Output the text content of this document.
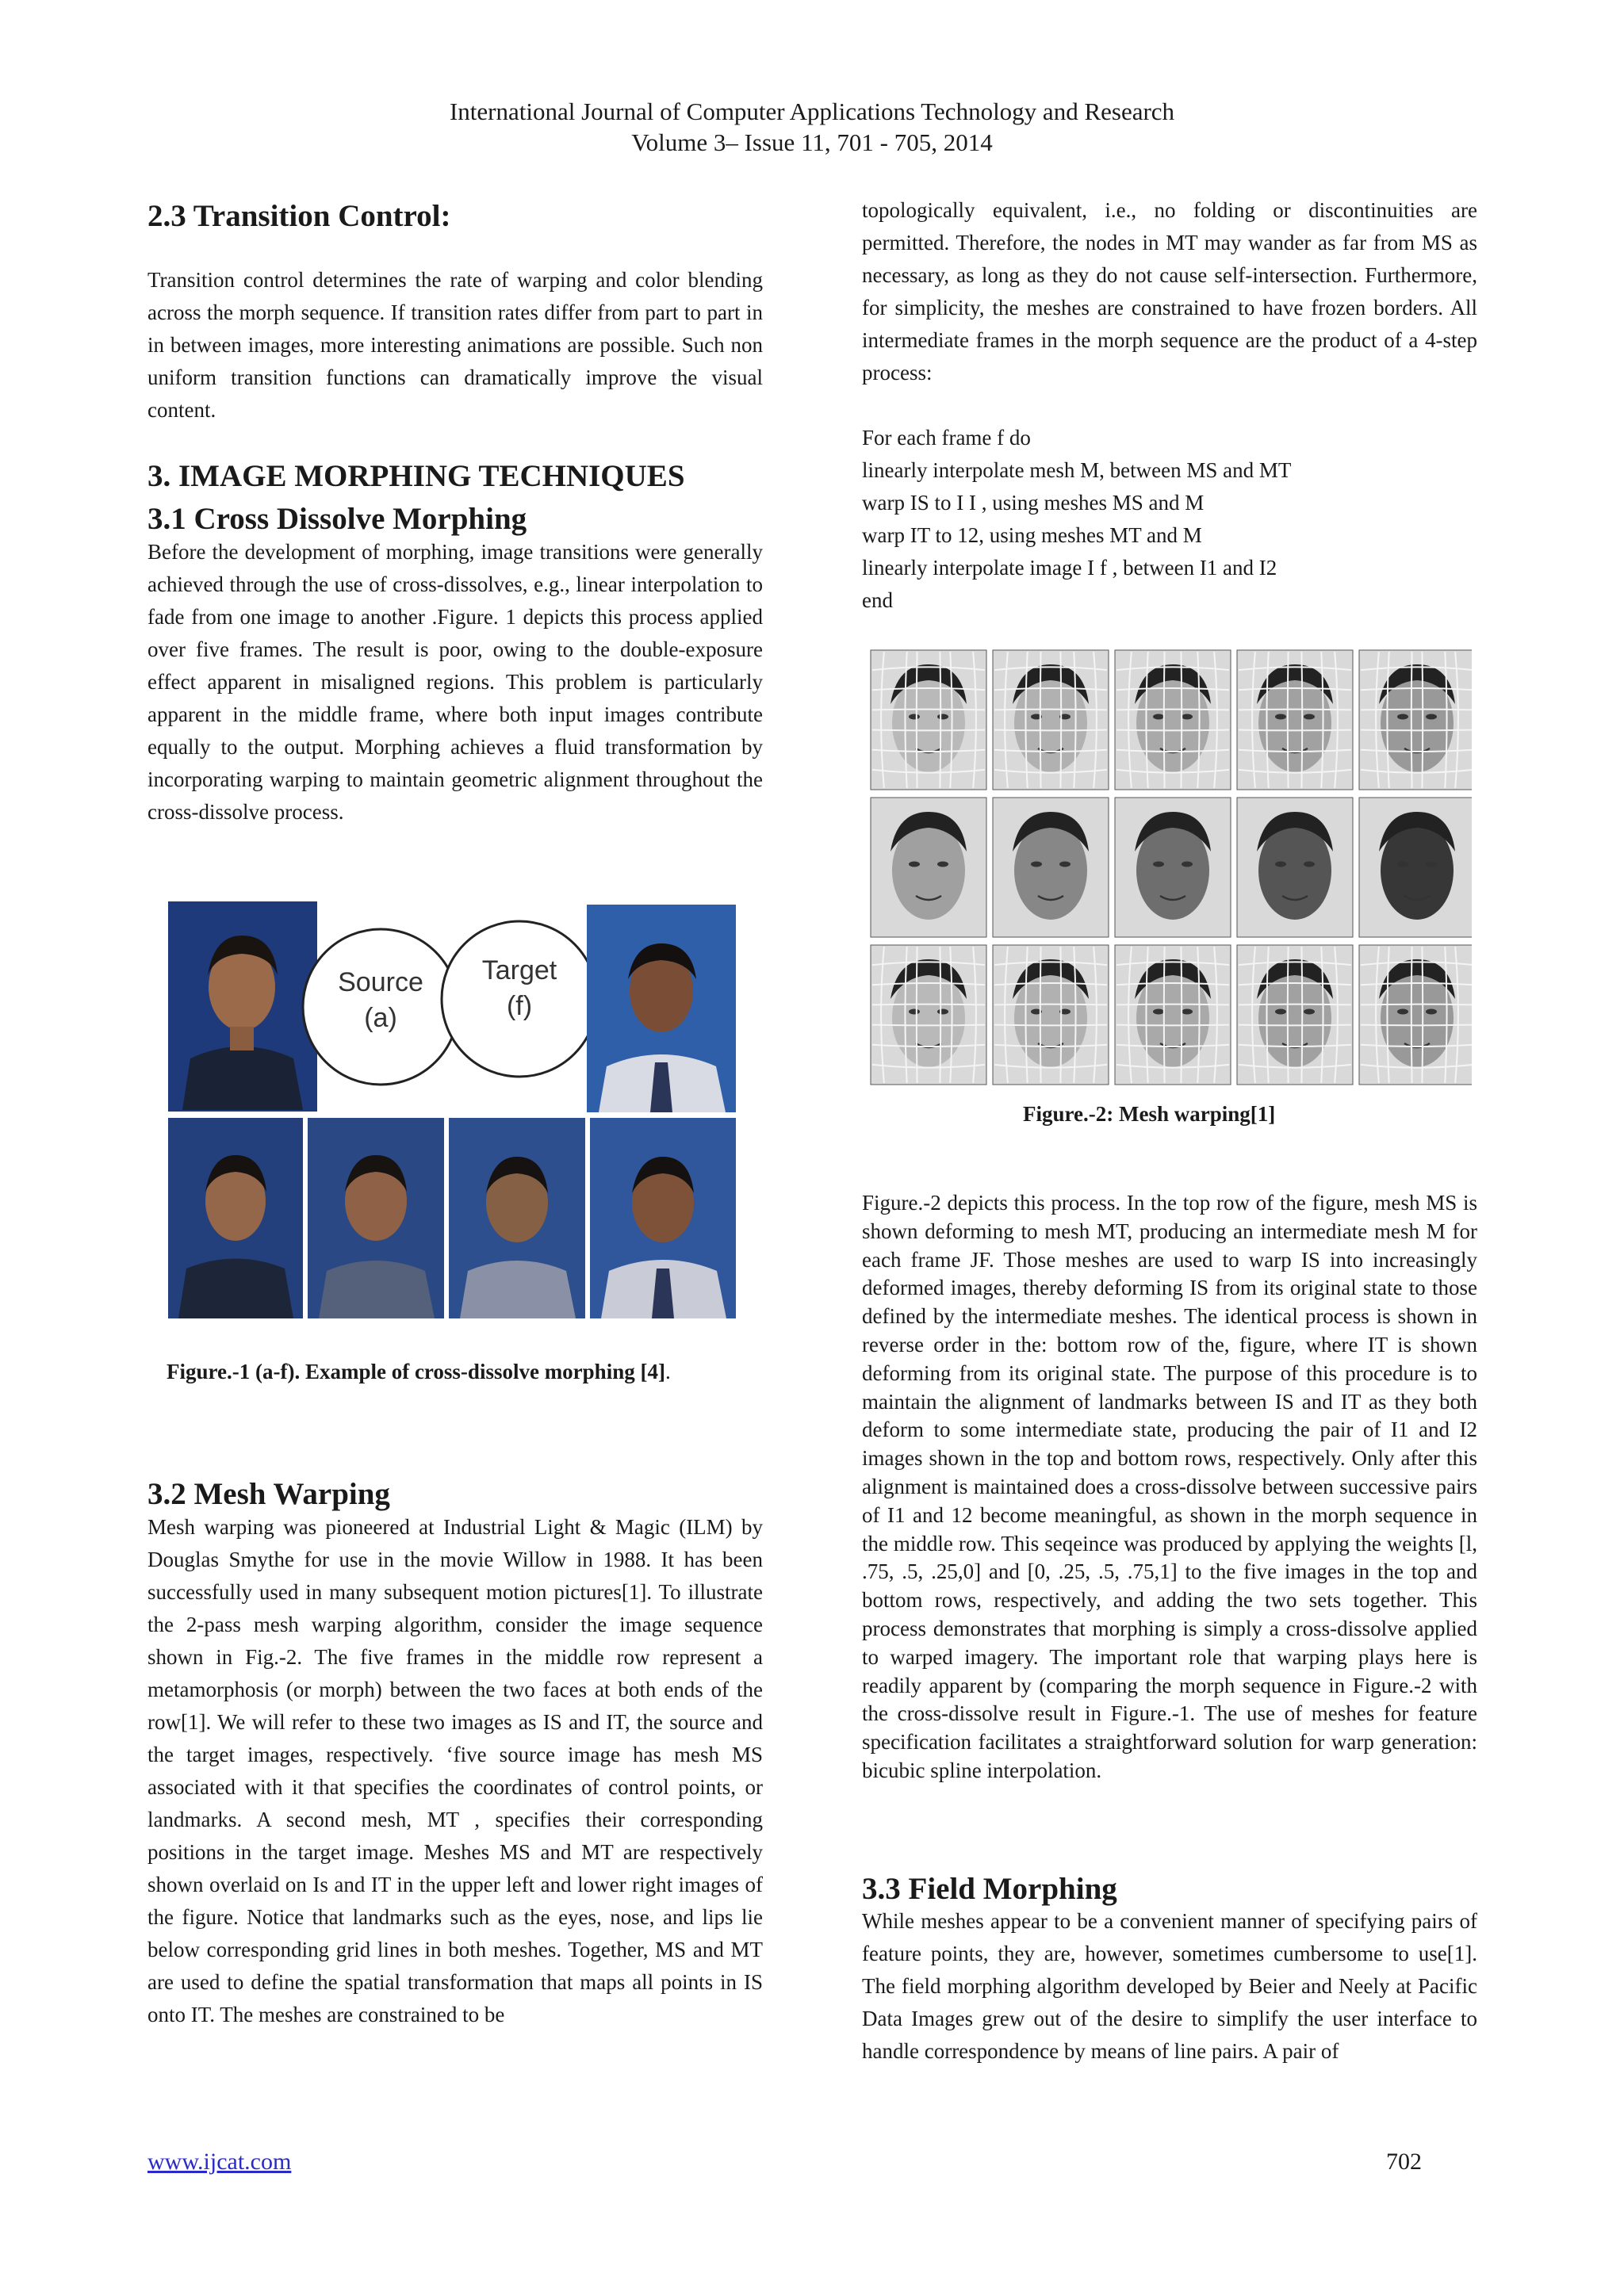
International Journal of Computer Applications Technology and Research
Volume 3– Issue 11, 701 - 705, 2014
2.3 Transition Control:
Transition control determines the rate of warping and color blending across the morph sequence. If transition rates differ from part to part in in between images, more interesting animations are possible. Such non uniform transition functions can dramatically improve the visual content.
3. IMAGE MORPHING TECHNIQUES
3.1 Cross Dissolve Morphing
Before the development of morphing, image transitions were generally achieved through the use of cross-dissolves, e.g., linear interpolation to fade from one image to another .Figure. 1 depicts this process applied over five frames. The result is poor, owing to the double-exposure effect apparent in misaligned regions. This problem is particularly apparent in the middle frame, where both input images contribute equally to the output. Morphing achieves a fluid transformation by incorporating warping to maintain geometric alignment throughout the cross-dissolve process.
Source
(a)
Target
(f)
Figure.-1 (a-f). Example of cross-dissolve morphing [4].
3.2 Mesh Warping
Mesh warping was pioneered at Industrial Light & Magic (ILM) by Douglas Smythe for use in the movie Willow in 1988. It has been successfully used in many subsequent motion pictures[1]. To illustrate the 2-pass mesh warping algorithm, consider the image sequence shown in Fig.-2. The five frames in the middle row represent a metamorphosis (or morph) between the two faces at both ends of the row[1]. We will refer to these two images as IS and IT, the source and the target images, respectively. ‘five source image has mesh MS associated with it that specifies the coordinates of control points, or landmarks. A second mesh, MT , specifies their corresponding positions in the target image. Meshes MS and MT are respectively shown overlaid on Is and IT in the upper left and lower right images of the figure. Notice that landmarks such as the eyes, nose, and lips lie below corresponding grid lines in both meshes. Together, MS and MT are used to define the spatial transformation that maps all points in IS onto IT. The meshes are constrained to be
topologically equivalent, i.e., no folding or discontinuities are permitted. Therefore, the nodes in MT may wander as far from MS as necessary, as long as they do not cause self-intersection. Furthermore, for simplicity, the meshes are constrained to have frozen borders. All intermediate frames in the morph sequence are the product of a 4-step process:
For each frame f do
linearly interpolate mesh M, between MS and MT
warp IS to I I , using meshes MS and M
warp IT to 12, using meshes MT and M
linearly interpolate image I f , between I1 and I2
end
Figure.-2: Mesh warping[1]
Figure.-2 depicts this process. In the top row of the figure, mesh MS is shown deforming to mesh MT, producing an intermediate mesh M for each frame JF. Those meshes are used to warp IS into increasingly deformed images, thereby deforming IS from its original state to those defined by the intermediate meshes. The identical process is shown in reverse order in the: bottom row of the, figure, where IT is shown deforming from its original state. The purpose of this procedure is to maintain the alignment of landmarks between IS and IT as they both deform to some intermediate state, producing the pair of I1 and I2 images shown in the top and bottom rows, respectively. Only after this alignment is maintained does a cross-dissolve between successive pairs of I1 and 12 become meaningful, as shown in the morph sequence in the middle row. This seqeince was produced by applying the weights [l, .75, .5, .25,0] and [0, .25, .5, .75,1] to the five images in the top and bottom rows, respectively, and adding the two sets together. This process demonstrates that morphing is simply a cross-dissolve applied to warped imagery. The important role that warping plays here is readily apparent by (comparing the morph sequence in Figure.-2 with the cross-dissolve result in Figure.-1. The use of meshes for feature specification facilitates a straightforward solution for warp generation: bicubic spline interpolation.
3.3 Field Morphing
While meshes appear to be a convenient manner of specifying pairs of feature points, they are, however, sometimes cumbersome to use[1]. The field morphing algorithm developed by Beier and Neely at Pacific Data Images grew out of the desire to simplify the user interface to handle correspondence by means of line pairs. A pair of
www.ijcat.com	702
